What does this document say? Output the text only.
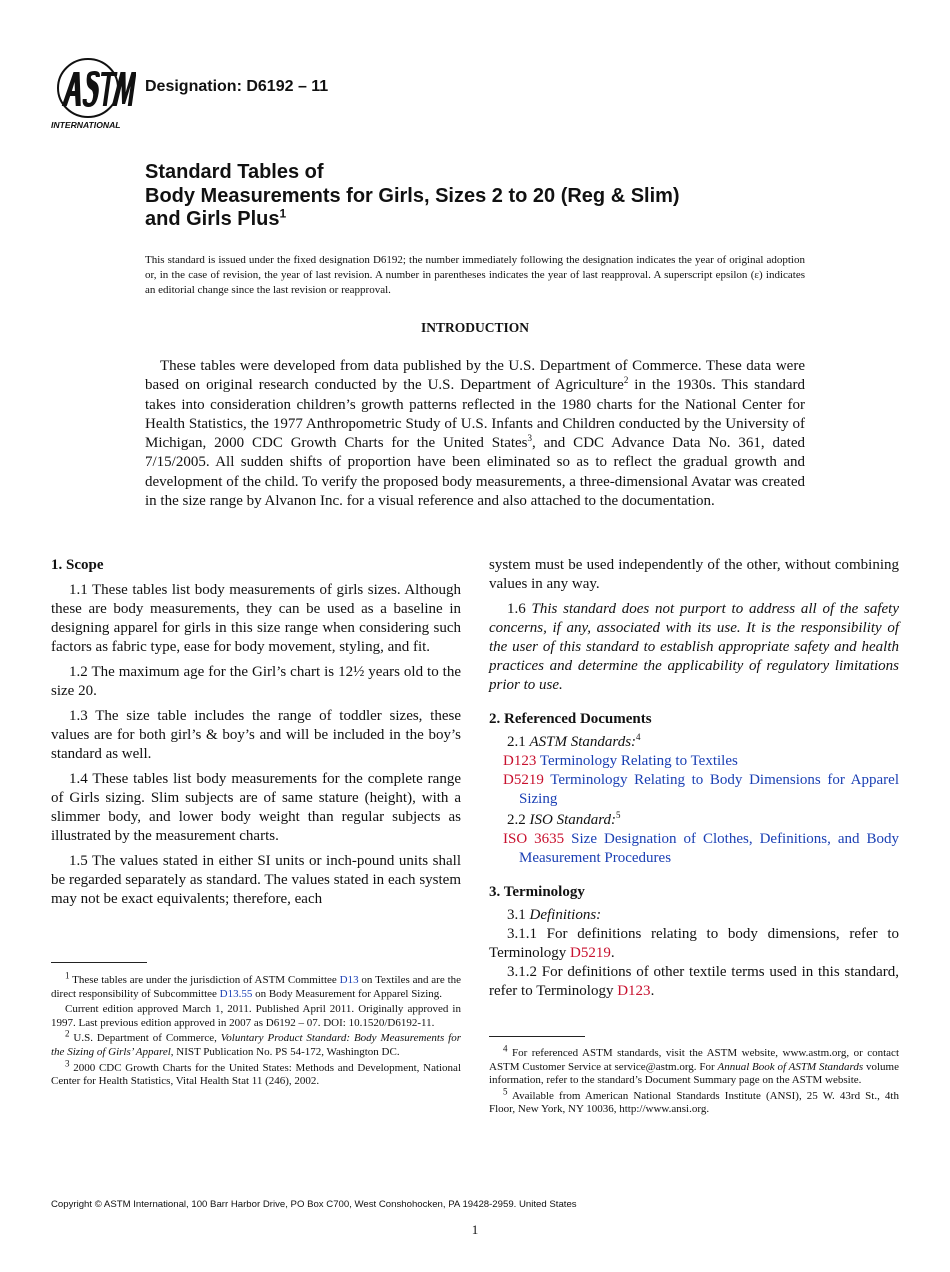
INTERNATIONAL
Designation: D6192 – 11
Standard Tables of
Body Measurements for Girls, Sizes 2 to 20 (Reg & Slim)
and Girls Plus$^1$
This standard is issued under the fixed designation D6192; the number immediately following the designation indicates the year of original adoption or, in the case of revision, the year of last revision. A number in parentheses indicates the year of last reapproval. A superscript epsilon (ε) indicates an editorial change since the last revision or reapproval.
INTRODUCTION
These tables were developed from data published by the U.S. Department of Commerce. These data were based on original research conducted by the U.S. Department of Agriculture$^2$ in the 1930s. This standard takes into consideration children’s growth patterns reflected in the 1980 charts for the National Center for Health Statistics, the 1977 Anthropometric Study of U.S. Infants and Children conducted by the University of Michigan, 2000 CDC Growth Charts for the United States$^3$, and CDC Advance Data No. 361, dated 7/15/2005. All sudden shifts of proportion have been eliminated so as to reflect the gradual growth and development of the child. To verify the proposed body measurements, a three-dimensional Avatar was created in the size range by Alvanon Inc. for a visual reference and also attached to the documentation.
1. Scope

1.1 These tables list body measurements of girls sizes. Although these are body measurements, they can be used as a baseline in designing apparel for girls in this size range when considering such factors as fabric type, ease for body movement, styling, and fit.

1.2 The maximum age for the Girl’s chart is 12½ years old to the size 20.

1.3 The size table includes the range of toddler sizes, these values are for both girl’s & boy’s and will be included in the boy’s standard as well.

1.4 These tables list body measurements for the complete range of Girls sizing. Slim subjects are of same stature (height), with a slimmer body, and lower body weight than regular subjects as illustrated by the measurement charts.

1.5 The values stated in either SI units or inch-pound units shall be regarded separately as standard. The values stated in each system may not be exact equivalents; therefore, each

$^1$ These tables are under the jurisdiction of ASTM Committee D13 on Textiles and are the direct responsibility of Subcommittee D13.55 on Body Measurement for Apparel Sizing.

Current edition approved March 1, 2011. Published April 2011. Originally approved in 1997. Last previous edition approved in 2007 as D6192 – 07. DOI: 10.1520/D6192-11.

$^2$ U.S. Department of Commerce, Voluntary Product Standard: Body Measurements for the Sizing of Girls’ Apparel, NIST Publication No. PS 54-172, Washington DC.

$^3$ 2000 CDC Growth Charts for the United States: Methods and Development, National Center for Health Statistics, Vital Health Stat 11 (246), 2002.

system must be used independently of the other, without combining values in any way.

1.6 This standard does not purport to address all of the safety concerns, if any, associated with its use. It is the responsibility of the user of this standard to establish appropriate safety and health practices and determine the applicability of regulatory limitations prior to use.

2. Referenced Documents

2.1 ASTM Standards:$^4$

D123 Terminology Relating to Textiles

D5219 Terminology Relating to Body Dimensions for Apparel Sizing

2.2 ISO Standard:$^5$

ISO 3635 Size Designation of Clothes, Definitions, and Body Measurement Procedures

3. Terminology

3.1 Definitions:

3.1.1 For definitions relating to body dimensions, refer to Terminology D5219.

3.1.2 For definitions of other textile terms used in this standard, refer to Terminology D123.

$^4$ For referenced ASTM standards, visit the ASTM website, www.astm.org, or contact ASTM Customer Service at service@astm.org. For Annual Book of ASTM Standards volume information, refer to the standard’s Document Summary page on the ASTM website.

$^5$ Available from American National Standards Institute (ANSI), 25 W. 43rd St., 4th Floor, New York, NY 10036, http://www.ansi.org.

Copyright © ASTM International, 100 Barr Harbor Drive, PO Box C700, West Conshohocken, PA 19428-2959. United States
1
